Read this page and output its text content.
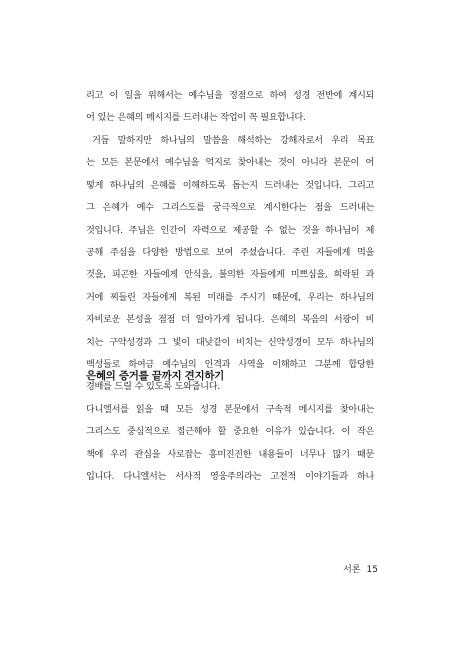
리고 이 일을 위해서는 예수님을 정점으로 하여 성경 전반에 계시되
어 있는 은혜의 메시지를 드러내는 작업이 꼭 필요합니다.
거듭 말하지만 하나님의 말씀을 해석하는 강해자로서 우리 목표
는 모든 본문에서 예수님을 억지로 찾아내는 것이 아니라 본문이 어
떻게 하나님의 은혜를 이해하도록 돕는지 드러내는 것입니다. 그리고
그 은혜가 예수 그리스도를 궁극적으로 계시한다는 점을 드러내는
것입니다. 주님은 인간이 자력으로 제공할 수 없는 것을 하나님이 제
공해 주심을 다양한 방법으로 보여 주셨습니다. 주린 자들에게 먹을
것을, 피곤한 자들에게 안식을, 불의한 자들에게 미쁘심을, 희락된 과
거에 찌들린 자들에게 복된 미래를 주시기 때문에, 우리는 하나님의
자비로운 본성을 점점 더 알아가게 됩니다. 은혜의 복음의 서광이 비
치는 구약성경과 그 빛이 대낮같이 비치는 신약성경이 모두 하나님의
백성들로 하여금 예수님의 인격과 사역을 이해하고 그분께 합당한
경배를 드릴 수 있도록 도와줍니다.
은혜의 증거를 끝까지 견지하기
다니엘서를 읽을 때 모든 성경 본문에서 구속적 메시지를 찾아내는
그리스도 중심적으로 접근해야 할 중요한 이유가 있습니다. 이 작은
책에 우리 관심을 사로잡는 흥미진진한 내용들이 너무나 많기 때문
입니다. 다니엘서는 서사적 영웅주의라는 고전적 이야기들과 하나
서론 15
